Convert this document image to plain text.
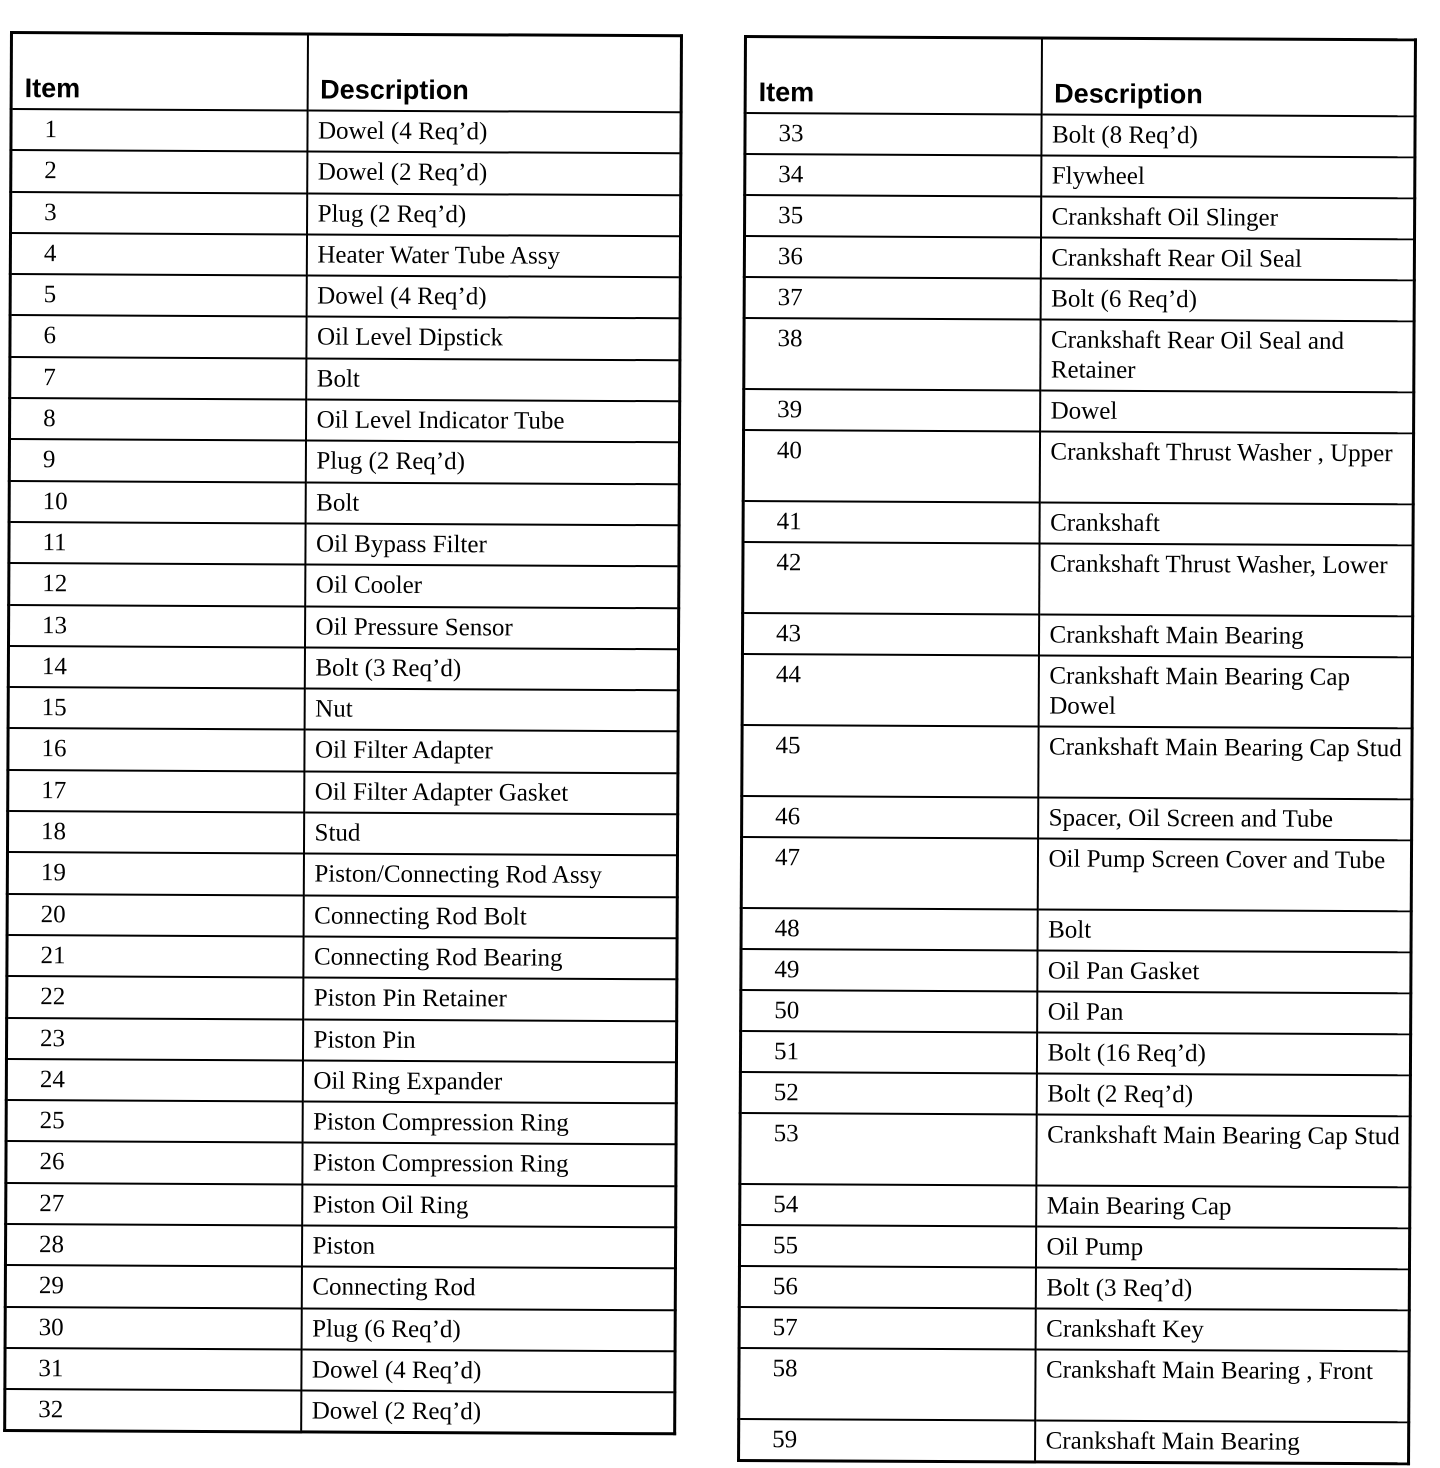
Item	Description
1	Dowel (4 Req’d)
2	Dowel (2 Req’d)
3	Plug (2 Req’d)
4	Heater Water Tube Assy
5	Dowel (4 Req’d)
6	Oil Level Dipstick
7	Bolt
8	Oil Level Indicator Tube
9	Plug (2 Req’d)
10	Bolt
11	Oil Bypass Filter
12	Oil Cooler
13	Oil Pressure Sensor
14	Bolt (3 Req’d)
15	Nut
16	Oil Filter Adapter
17	Oil Filter Adapter Gasket
18	Stud
19	Piston/Connecting Rod Assy
20	Connecting Rod Bolt
21	Connecting Rod Bearing
22	Piston Pin Retainer
23	Piston Pin
24	Oil Ring Expander
25	Piston Compression Ring
26	Piston Compression Ring
27	Piston Oil Ring
28	Piston
29	Connecting Rod
30	Plug (6 Req’d)
31	Dowel (4 Req’d)
32	Dowel (2 Req’d)
Item	Description
33	Bolt (8 Req’d)
34	Flywheel
35	Crankshaft Oil Slinger
36	Crankshaft Rear Oil Seal
37	Bolt (6 Req’d)
38	Crankshaft Rear Oil Seal and Retainer
39	Dowel
40	Crankshaft Thrust Washer , Upper
41	Crankshaft
42	Crankshaft Thrust Washer, Lower
43	Crankshaft Main Bearing
44	Crankshaft Main Bearing Cap Dowel
45	Crankshaft Main Bearing Cap Stud
46	Spacer, Oil Screen and Tube
47	Oil Pump Screen Cover and Tube
48	Bolt
49	Oil Pan Gasket
50	Oil Pan
51	Bolt (16 Req’d)
52	Bolt (2 Req’d)
53	Crankshaft Main Bearing Cap Stud
54	Main Bearing Cap
55	Oil Pump
56	Bolt (3 Req’d)
57	Crankshaft Key
58	Crankshaft Main Bearing , Front
59	Crankshaft Main Bearing
